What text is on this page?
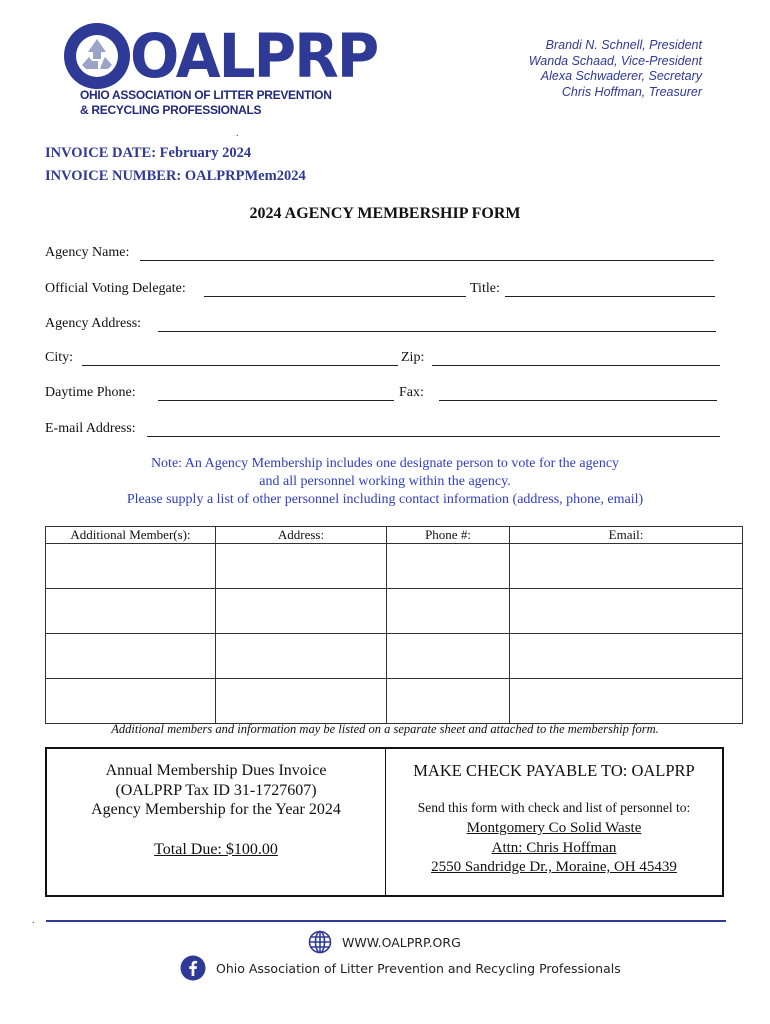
OALPRP
OHIO ASSOCIATION OF LITTER PREVENTION
& RECYCLING PROFESSIONALS
Brandi N. Schnell, President
Wanda Schaad, Vice-President
Alexa Schwaderer, Secretary
Chris Hoffman, Treasurer
.
INVOICE DATE: February 2024
INVOICE NUMBER: OALPRPMem2024
2024 AGENCY MEMBERSHIP FORM
Agency Name:
Official Voting Delegate:	Title:
Agency Address:
City:	Zip:
Daytime Phone:	Fax:
E-mail Address:
Note: An Agency Membership includes one designate person to vote for the agency
and all personnel working within the agency.
Please supply a list of other personnel including contact information (address, phone, email)
Additional Member(s):	Address:	Phone #:	Email:

Additional members and information may be listed on a separate sheet and attached to the membership form.
Annual Membership Dues Invoice
(OALPRP Tax ID 31-1727607)
Agency Membership for the Year 2024
Total Due: $100.00
MAKE CHECK PAYABLE TO: OALPRP
Send this form with check and list of personnel to:
Montgomery Co Solid Waste
Attn: Chris Hoffman
2550 Sandridge Dr., Moraine, OH 45439
.
WWW.OALPRP.ORG
Ohio Association of Litter Prevention and Recycling Professionals
